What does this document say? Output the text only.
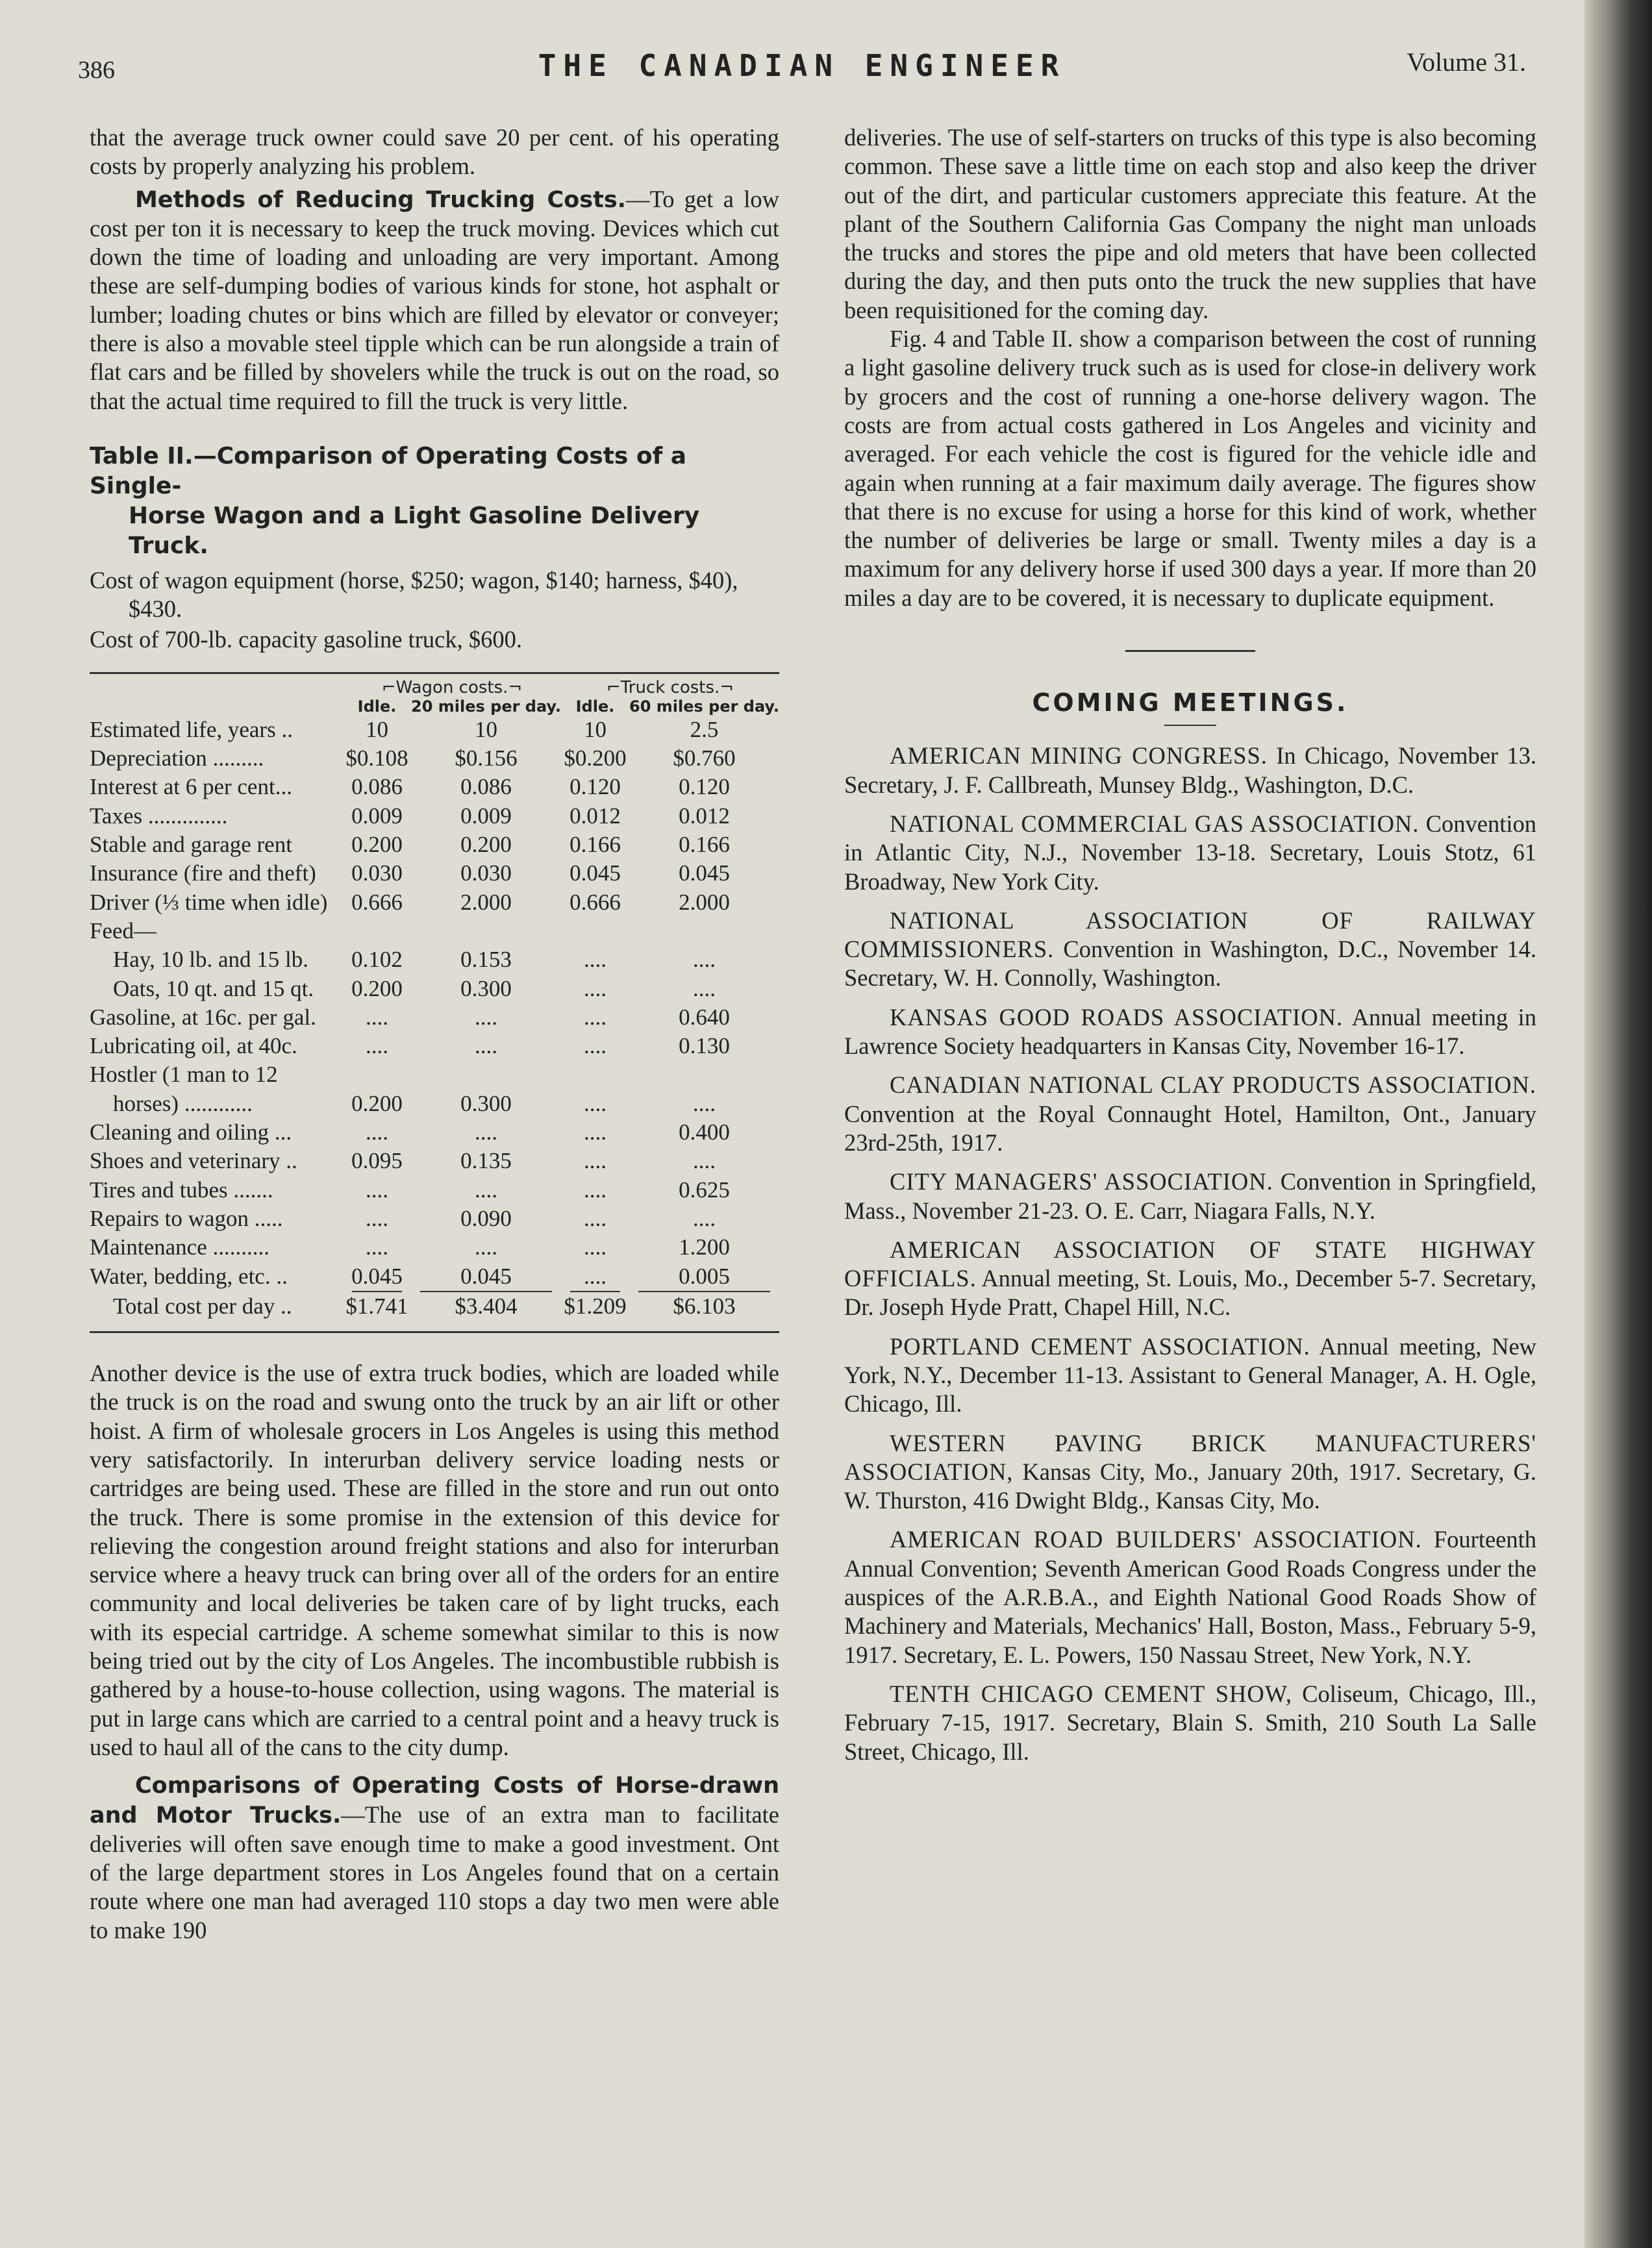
386	THE CANADIAN ENGINEER	Volume 31.

that the average truck owner could save 20 per cent. of his operating costs by properly analyzing his problem.

Methods of Reducing Trucking Costs.—To get a low cost per ton it is necessary to keep the truck moving. Devices which cut down the time of loading and unloading are very important. Among these are self-dumping bodies of various kinds for stone, hot asphalt or lumber; loading chutes or bins which are filled by elevator or conveyer; there is also a movable steel tipple which can be run alongside a train of flat cars and be filled by shovelers while the truck is out on the road, so that the actual time required to fill the truck is very little.

Table II.—Comparison of Operating Costs of a Single-
Horse Wagon and a Light Gasoline Delivery Truck.

Cost of wagon equipment (horse, $250; wagon, $140; harness, $40), $430.

Cost of 700-lb. capacity gasoline truck, $600.

	⌐Wagon costs.¬		⌐Truck costs.¬	
	Idle.	20 miles per day.	Idle.	60 miles per day.
Estimated life, years ..	10	10	10	2.5
Depreciation .........	$0.108	$0.156	$0.200	$0.760
Interest at 6 per cent...	0.086	0.086	0.120	0.120
Taxes ..............	0.009	0.009	0.012	0.012
Stable and garage rent	0.200	0.200	0.166	0.166
Insurance (fire and theft)	0.030	0.030	0.045	0.045
Driver (⅓ time when idle)	0.666	2.000	0.666	2.000
Feed—				
Hay, 10 lb. and 15 lb.	0.102	0.153	....	....
Oats, 10 qt. and 15 qt.	0.200	0.300	....	....
Gasoline, at 16c. per gal.	....	....	....	0.640
Lubricating oil, at 40c.	....	....	....	0.130
Hostler (1 man to 12				
horses) ............	0.200	0.300	....	....
Cleaning and oiling ...	....	....	....	0.400
Shoes and veterinary ..	0.095	0.135	....	....
Tires and tubes .......	....	....	....	0.625
Repairs to wagon .....	....	0.090	....	....
Maintenance ..........	....	....	....	1.200
Water, bedding, etc. ..	0.045	0.045	....	0.005

Total cost per day ..	$1.741	$3.404	$1.209	$6.103

Another device is the use of extra truck bodies, which are loaded while the truck is on the road and swung onto the truck by an air lift or other hoist. A firm of wholesale grocers in Los Angeles is using this method very satisfactorily. In interurban delivery service loading nests or cartridges are being used. These are filled in the store and run out onto the truck. There is some promise in the extension of this device for relieving the congestion around freight stations and also for interurban service where a heavy truck can bring over all of the orders for an entire community and local deliveries be taken care of by light trucks, each with its especial cartridge. A scheme somewhat similar to this is now being tried out by the city of Los Angeles. The incombustible rubbish is gathered by a house-to-house collection, using wagons. The material is put in large cans which are carried to a central point and a heavy truck is used to haul all of the cans to the city dump.

Comparisons of Operating Costs of Horse-drawn and Motor Trucks.—The use of an extra man to facilitate deliveries will often save enough time to make a good investment. Ont of the large department stores in Los Angeles found that on a certain route where one man had averaged 110 stops a day two men were able to make 190

deliveries. The use of self-starters on trucks of this type is also becoming common. These save a little time on each stop and also keep the driver out of the dirt, and particular customers appreciate this feature. At the plant of the Southern California Gas Company the night man unloads the trucks and stores the pipe and old meters that have been collected during the day, and then puts onto the truck the new supplies that have been requisitioned for the coming day.

Fig. 4 and Table II. show a comparison between the cost of running a light gasoline delivery truck such as is used for close-in delivery work by grocers and the cost of running a one-horse delivery wagon. The costs are from actual costs gathered in Los Angeles and vicinity and averaged. For each vehicle the cost is figured for the vehicle idle and again when running at a fair maximum daily average. The figures show that there is no excuse for using a horse for this kind of work, whether the number of deliveries be large or small. Twenty miles a day is a maximum for any delivery horse if used 300 days a year. If more than 20 miles a day are to be covered, it is necessary to duplicate equipment.

COMING MEETINGS.

AMERICAN MINING CONGRESS. In Chicago, November 13. Secretary, J. F. Callbreath, Munsey Bldg., Washington, D.C.

NATIONAL COMMERCIAL GAS ASSOCIATION. Convention in Atlantic City, N.J., November 13-18. Secretary, Louis Stotz, 61 Broadway, New York City.

NATIONAL ASSOCIATION OF RAILWAY COMMISSIONERS. Convention in Washington, D.C., November 14. Secretary, W. H. Connolly, Washington.

KANSAS GOOD ROADS ASSOCIATION. Annual meeting in Lawrence Society headquarters in Kansas City, November 16-17.

CANADIAN NATIONAL CLAY PRODUCTS ASSOCIATION. Convention at the Royal Connaught Hotel, Hamilton, Ont., January 23rd-25th, 1917.

CITY MANAGERS' ASSOCIATION. Convention in Springfield, Mass., November 21-23. O. E. Carr, Niagara Falls, N.Y.

AMERICAN ASSOCIATION OF STATE HIGHWAY OFFICIALS. Annual meeting, St. Louis, Mo., December 5-7. Secretary, Dr. Joseph Hyde Pratt, Chapel Hill, N.C.

PORTLAND CEMENT ASSOCIATION. Annual meeting, New York, N.Y., December 11-13. Assistant to General Manager, A. H. Ogle, Chicago, Ill.

WESTERN PAVING BRICK MANUFACTURERS' ASSOCIATION, Kansas City, Mo., January 20th, 1917. Secretary, G. W. Thurston, 416 Dwight Bldg., Kansas City, Mo.

AMERICAN ROAD BUILDERS' ASSOCIATION. Fourteenth Annual Convention; Seventh American Good Roads Congress under the auspices of the A.R.B.A., and Eighth National Good Roads Show of Machinery and Materials, Mechanics' Hall, Boston, Mass., February 5-9, 1917. Secretary, E. L. Powers, 150 Nassau Street, New York, N.Y.

TENTH CHICAGO CEMENT SHOW, Coliseum, Chicago, Ill., February 7-15, 1917. Secretary, Blain S. Smith, 210 South La Salle Street, Chicago, Ill.
